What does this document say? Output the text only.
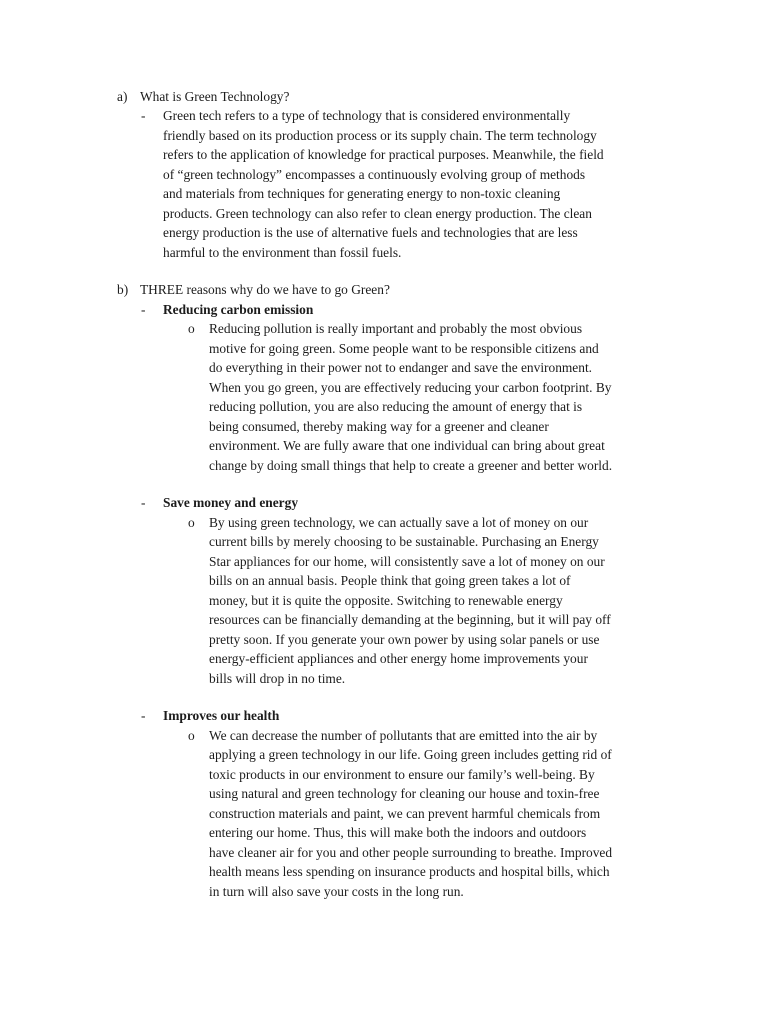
a) What is Green Technology?
- Green tech refers to a type of technology that is considered environmentally
friendly based on its production process or its supply chain. The term technology
refers to the application of knowledge for practical purposes. Meanwhile, the field
of “green technology” encompasses a continuously evolving group of methods
and materials from techniques for generating energy to non-toxic cleaning
products. Green technology can also refer to clean energy production. The clean
energy production is the use of alternative fuels and technologies that are less
harmful to the environment than fossil fuels.
b) THREE reasons why do we have to go Green?
- Reducing carbon emission
o Reducing pollution is really important and probably the most obvious
motive for going green. Some people want to be responsible citizens and
do everything in their power not to endanger and save the environment.
When you go green, you are effectively reducing your carbon footprint. By
reducing pollution, you are also reducing the amount of energy that is
being consumed, thereby making way for a greener and cleaner
environment. We are fully aware that one individual can bring about great
change by doing small things that help to create a greener and better world.
- Save money and energy
o By using green technology, we can actually save a lot of money on our
current bills by merely choosing to be sustainable. Purchasing an Energy
Star appliances for our home, will consistently save a lot of money on our
bills on an annual basis. People think that going green takes a lot of
money, but it is quite the opposite. Switching to renewable energy
resources can be financially demanding at the beginning, but it will pay off
pretty soon. If you generate your own power by using solar panels or use
energy-efficient appliances and other energy home improvements your
bills will drop in no time.
- Improves our health
o We can decrease the number of pollutants that are emitted into the air by
applying a green technology in our life. Going green includes getting rid of
toxic products in our environment to ensure our family’s well-being. By
using natural and green technology for cleaning our house and toxin-free
construction materials and paint, we can prevent harmful chemicals from
entering our home. Thus, this will make both the indoors and outdoors
have cleaner air for you and other people surrounding to breathe. Improved
health means less spending on insurance products and hospital bills, which
in turn will also save your costs in the long run.
